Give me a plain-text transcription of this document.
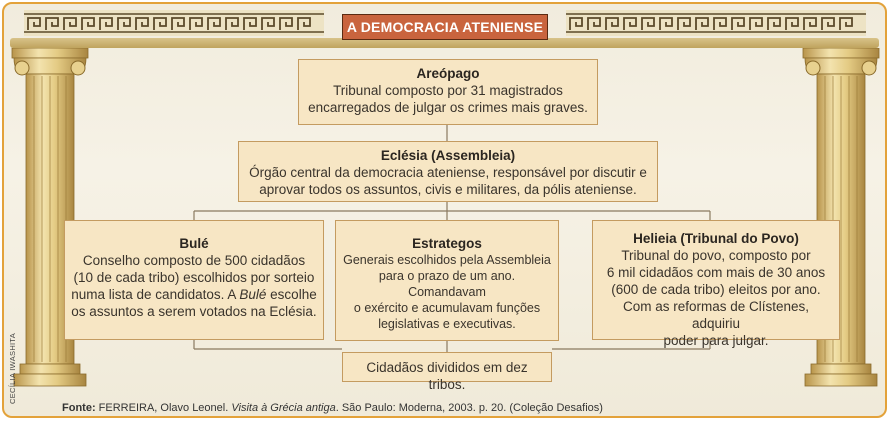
A DEMOCRACIA ATENIENSE
Areópago
Tribunal composto por 31 magistrados
encarregados de julgar os crimes mais graves.
Eclésia (Assembleia)
Órgão central da democracia ateniense, responsável por discutir e
aprovar todos os assuntos, civis e militares, da pólis ateniense.
Bulé
Conselho composto de 500 cidadãos
(10 de cada tribo) escolhidos por sorteio
numa lista de candidatos. A Bulé escolhe
os assuntos a serem votados na Eclésia.
Estrategos
Generais escolhidos pela Assembleia
para o prazo de um ano. Comandavam
o exército e acumulavam funções
legislativas e executivas.
Helieia (Tribunal do Povo)
Tribunal do povo, composto por
6 mil cidadãos com mais de 30 anos
(600 de cada tribo) eleitos por ano.
Com as reformas de Clístenes, adquiriu
poder para julgar.
Cidadãos divididos em dez tribos.
CECÍLIA IWASHITA
Fonte: FERREIRA, Olavo Leonel. Visita à Grécia antiga. São Paulo: Moderna, 2003. p. 20. (Coleção Desafios)
